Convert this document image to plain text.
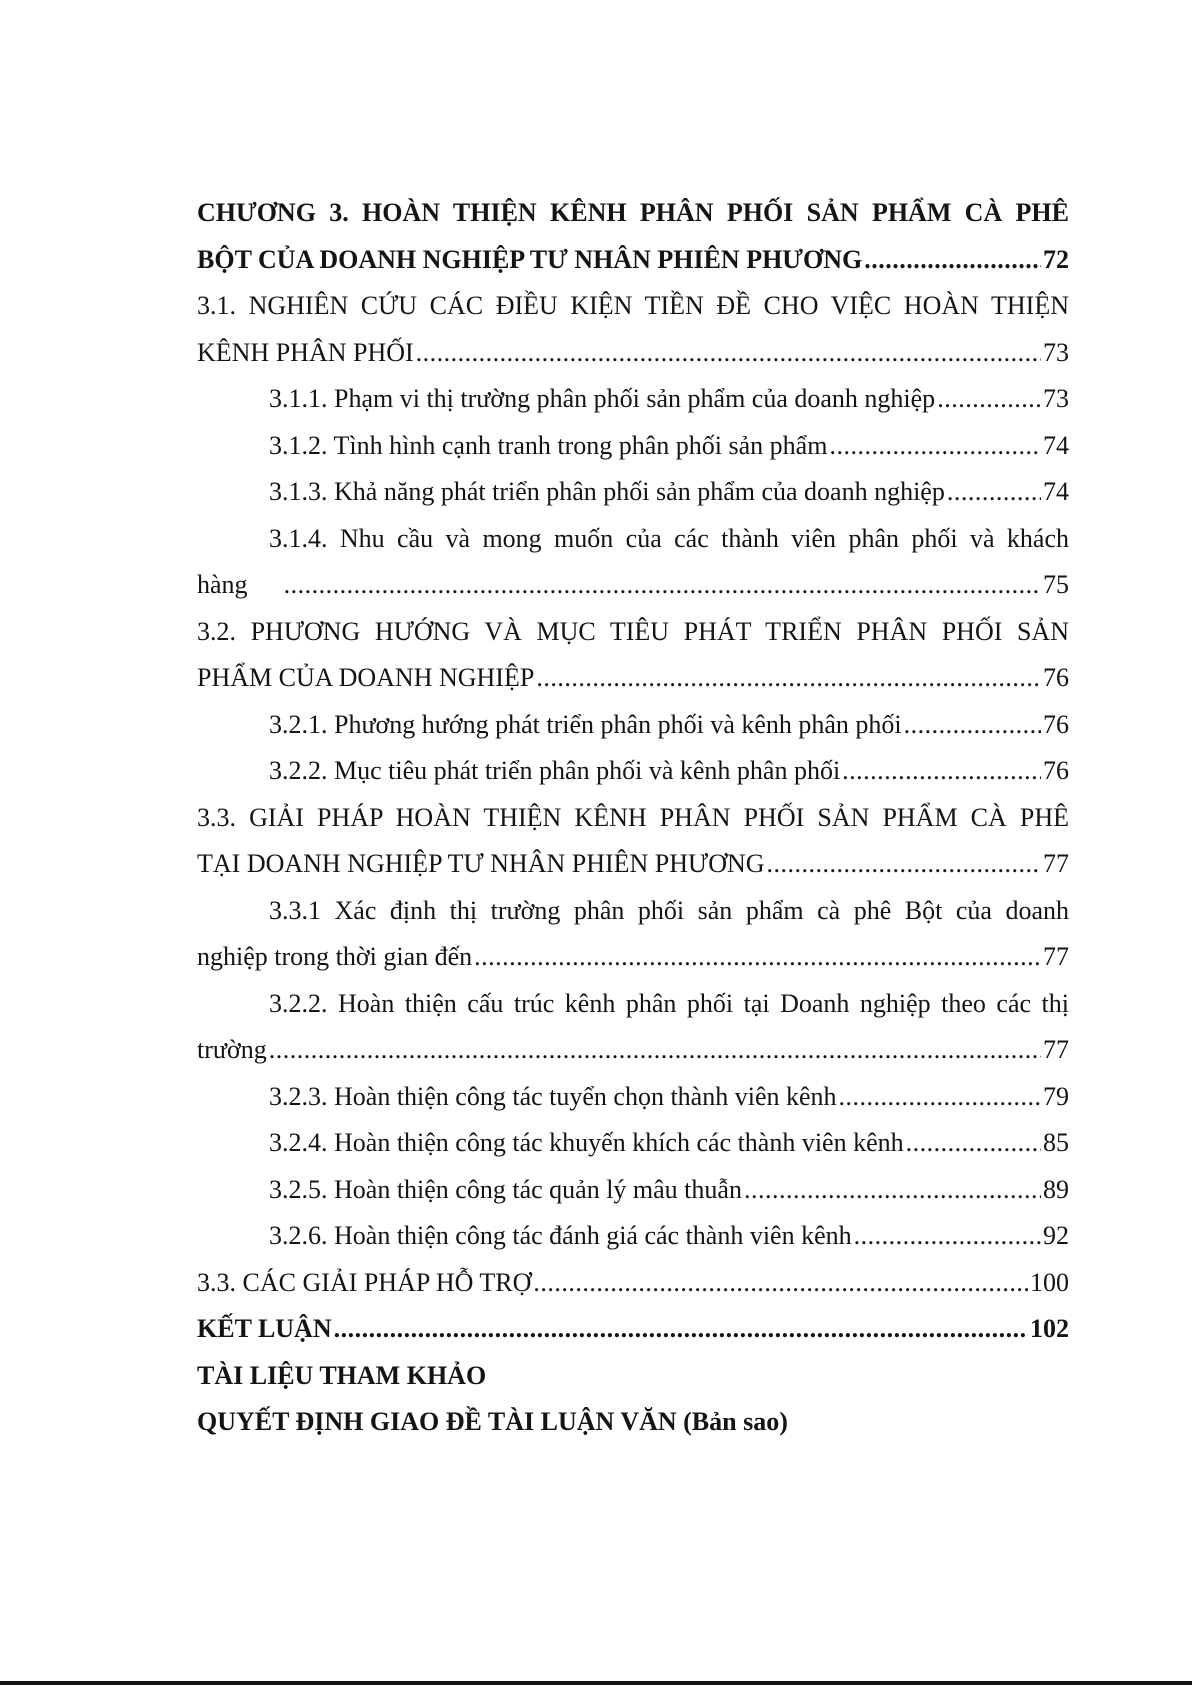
CHƯƠNG 3. HOÀN THIỆN KÊNH PHÂN PHỐI SẢN PHẨM CÀ PHÊ
BỘT CỦA DOANH NGHIỆP TƯ NHÂN PHIÊN PHƯƠNG . . .	72
3.1. NGHIÊN CỨU CÁC ĐIỀU KIỆN TIỀN ĐỀ CHO VIỆC HOÀN THIỆN
KÊNH PHÂN PHỐI . . .	73
3.1.1. Phạm vi thị trường phân phối sản phẩm của doanh nghiệp . . .	73
3.1.2. Tình hình cạnh tranh trong phân phối sản phẩm . . .	74
3.1.3. Khả năng phát triển phân phối sản phẩm của doanh nghiệp . . .	74
3.1.4. Nhu cầu và mong muốn của các thành viên phân phối và khách
hàng . . .	75
3.2. PHƯƠNG HƯỚNG VÀ MỤC TIÊU PHÁT TRIỂN PHÂN PHỐI SẢN
PHẨM CỦA DOANH NGHIỆP . . .	76
3.2.1. Phương hướng phát triển phân phối và kênh phân phối . . .	76
3.2.2. Mục tiêu phát triển phân phối và kênh phân phối . . .	76
3.3. GIẢI PHÁP HOÀN THIỆN KÊNH PHÂN PHỐI SẢN PHẨM CÀ PHÊ
TẠI DOANH NGHIỆP TƯ NHÂN PHIÊN PHƯƠNG . . .	77
3.3.1 Xác định thị trường phân phối sản phẩm cà phê Bột của doanh
nghiệp trong thời gian đến . . .	77
3.2.2. Hoàn thiện cấu trúc kênh phân phối tại Doanh nghiệp theo các thị
trường . . .	77
3.2.3. Hoàn thiện công tác tuyển chọn thành viên kênh . . .	79
3.2.4. Hoàn thiện công tác khuyến khích các thành viên kênh . . .	85
3.2.5. Hoàn thiện công tác quản lý mâu thuẫn . . .	89
3.2.6. Hoàn thiện công tác đánh giá các thành viên kênh . . .	92
3.3. CÁC GIẢI PHÁP HỖ TRỢ . . .	100
KẾT LUẬN . . .	102
TÀI LIỆU THAM KHẢO
QUYẾT ĐỊNH GIAO ĐỀ TÀI LUẬN VĂN (Bản sao)
